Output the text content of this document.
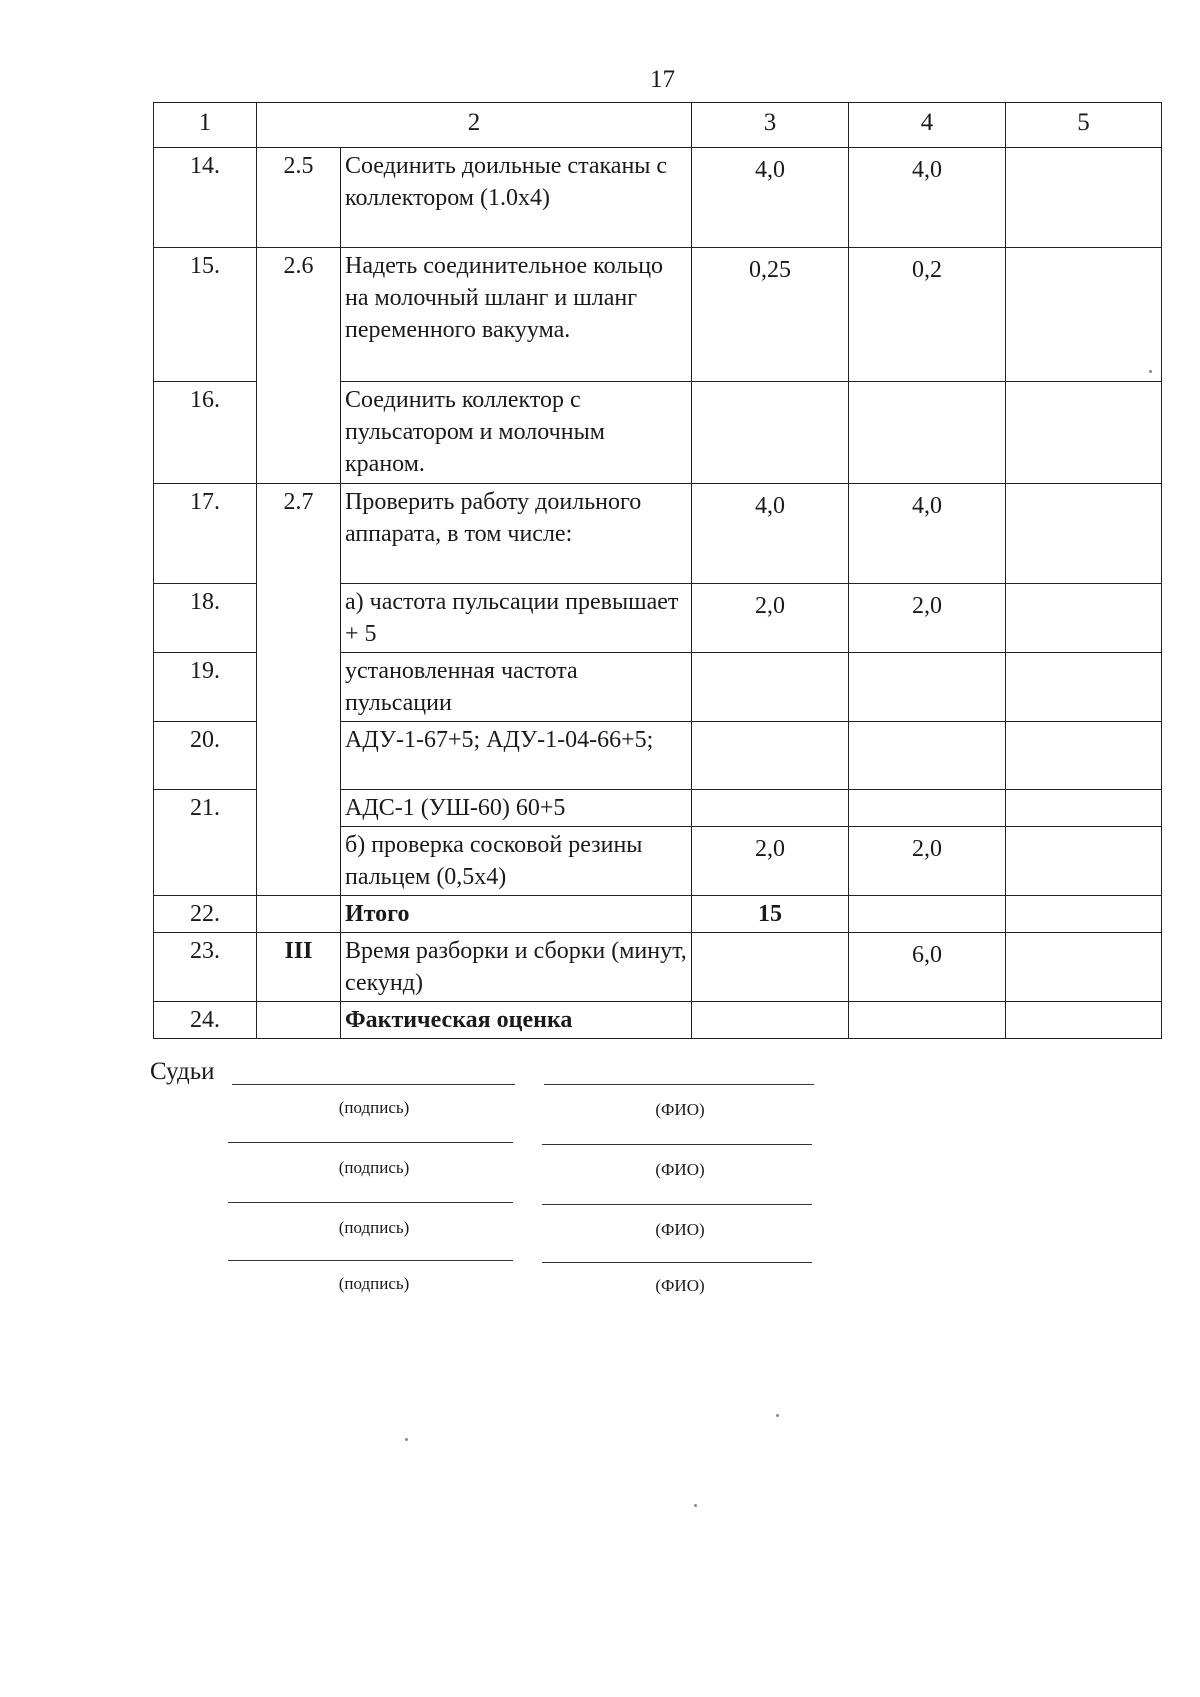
17
1	2		3	4	5
14.	2.5	Соединить доильные стаканы с коллектором (1.0х4)	4,0	4,0	
15.	2.6	Надеть соединительное кольцо на молочный шланг и шланг переменного вакуума.	0,25	0,2	
16.		Соединить коллектор с пульсатором и молочным краном.			
17.	2.7	Проверить работу доильного аппарата, в том числе:	4,0	4,0	
18.		а) частота пульсации превышает + 5	2,0	2,0	
19.		установленная частота пульсации			
20.		АДУ-1-67+5; АДУ-1-04-66+5;			
21.		АДС-1 (УШ-60) 60+5			
		б) проверка сосковой резины пальцем (0,5х4)	2,0	2,0	
22.		Итого	15		
23.	III	Время разборки и сборки (минут, секунд)		6,0	
24.		Фактическая оценка			
Судьи
(подпись)	(ФИО)
(подпись)	(ФИО)
(подпись)	(ФИО)
(подпись)	(ФИО)
